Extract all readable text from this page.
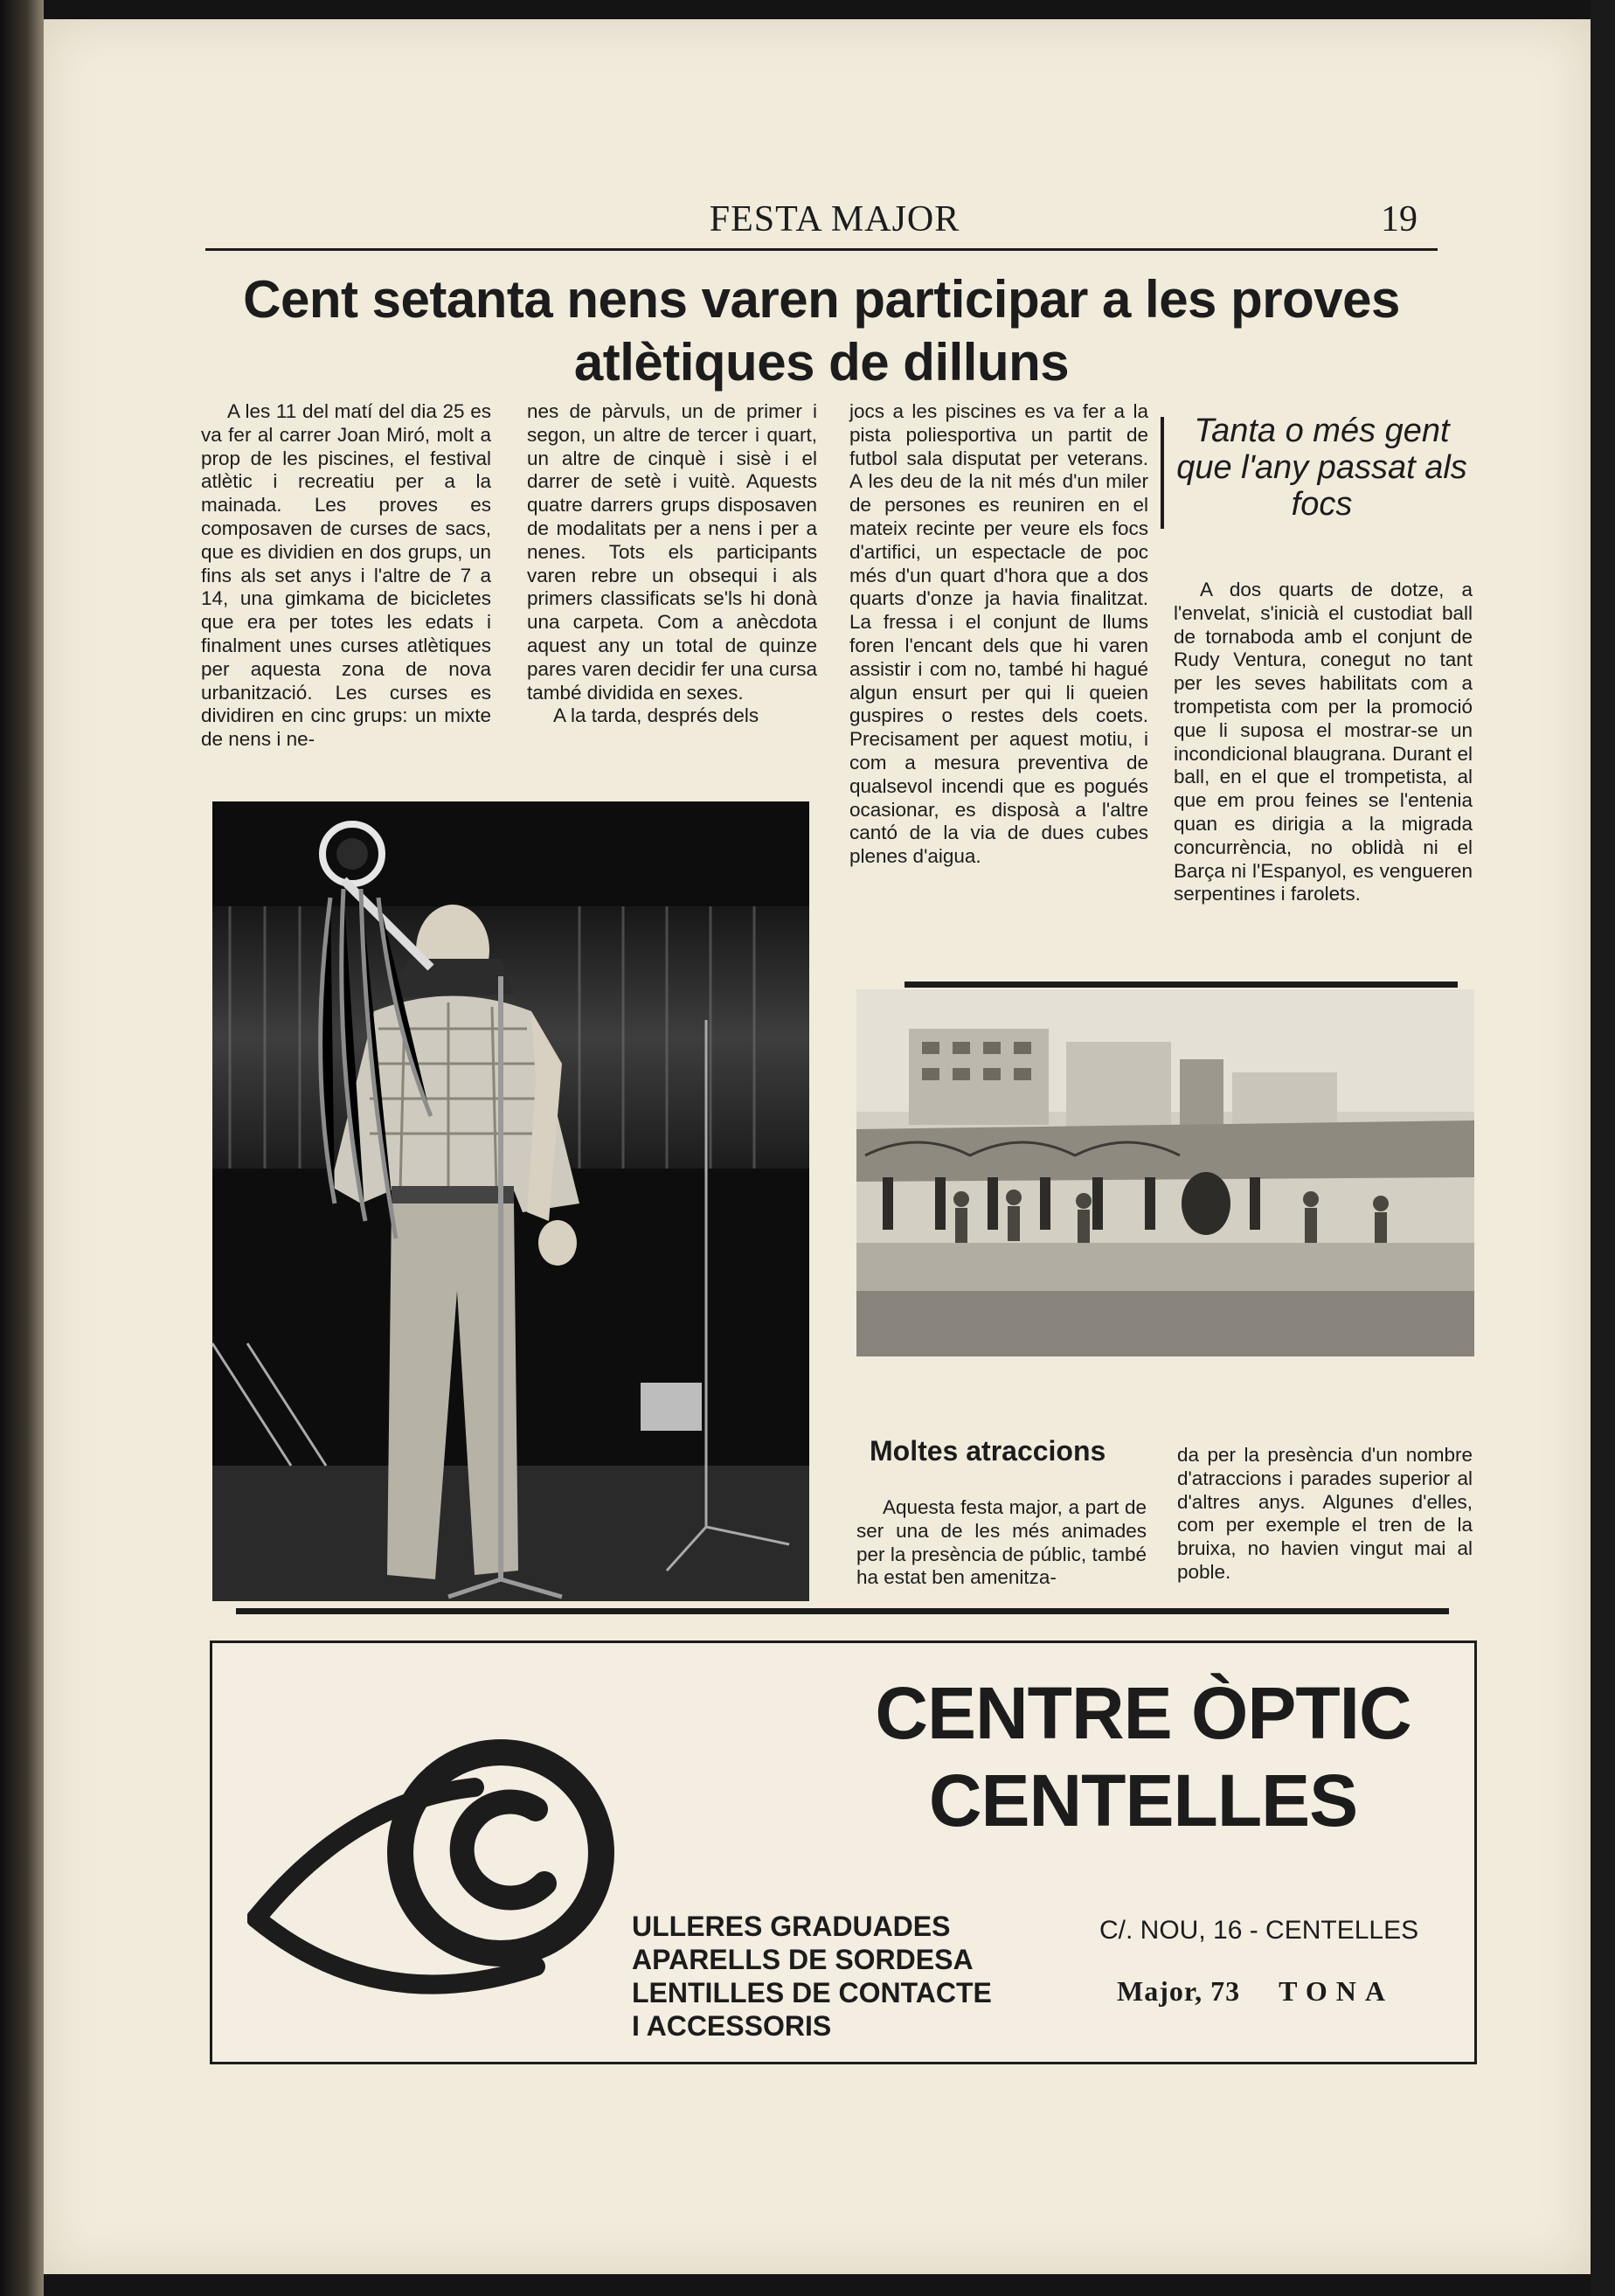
FESTA MAJOR	19
Cent setanta nens varen participar a les proves atlètiques de dilluns

A les 11 del matí del dia 25 es va fer al carrer Joan Miró, molt a prop de les piscines, el festival atlètic i recreatiu per a la mainada. Les proves es composaven de curses de sacs, que es dividien en dos grups, un fins als set anys i l'altre de 7 a 14, una gimkama de bicicletes que era per totes les edats i finalment unes curses atlètiques per aquesta zona de nova urbanització. Les curses es dividiren en cinc grups: un mixte de nens i ne-

nes de pàrvuls, un de primer i segon, un altre de tercer i quart, un altre de cinquè i sisè i el darrer de setè i vuitè. Aquests quatre darrers grups disposaven de modalitats per a nens i per a nenes. Tots els participants varen rebre un obsequi i als primers classificats se'ls hi donà una carpeta. Com a anècdota aquest any un total de quinze pares varen decidir fer una cursa també dividida en sexes.

A la tarda, després dels

jocs a les piscines es va fer a la pista poliesportiva un partit de futbol sala disputat per veterans. A les deu de la nit més d'un miler de persones es reuniren en el mateix recinte per veure els focs d'artifici, un espectacle de poc més d'un quart d'hora que a dos quarts d'onze ja havia finalitzat. La fressa i el conjunt de llums foren l'encant dels que hi varen assistir i com no, també hi hagué algun ensurt per qui li queien guspires o restes dels coets. Precisament per aquest motiu, i com a mesura preventiva de qualsevol incendi que es pogués ocasionar, es disposà a l'altre cantó de la via de dues cubes plenes d'aigua.

Tanta o més gent que l'any passat als focs

A dos quarts de dotze, a l'envelat, s'inicià el custodiat ball de tornaboda amb el conjunt de Rudy Ventura, conegut no tant per les seves habilitats com a trompetista com per la promoció que li suposa el mostrar-se un incondicional blaugrana. Durant el ball, en el que el trompetista, al que em prou feines se l'entenia quan es dirigia a la migrada concurrència, no oblidà ni el Barça ni l'Espanyol, es vengueren serpentines i farolets.

Moltes atraccions

Aquesta festa major, a part de ser una de les més animades per la presència de públic, també ha estat ben amenitza-

da per la presència d'un nombre d'atraccions i parades superior al d'altres anys. Algunes d'elles, com per exemple el tren de la bruixa, no havien vingut mai al poble.

CENTRE ÒPTIC
CENTELLES
ULLERES GRADUADES
APARELLS DE SORDESA
LENTILLES DE CONTACTE
I ACCESSORIS
C/. NOU, 16 - CENTELLES
Major, 73 TONA
